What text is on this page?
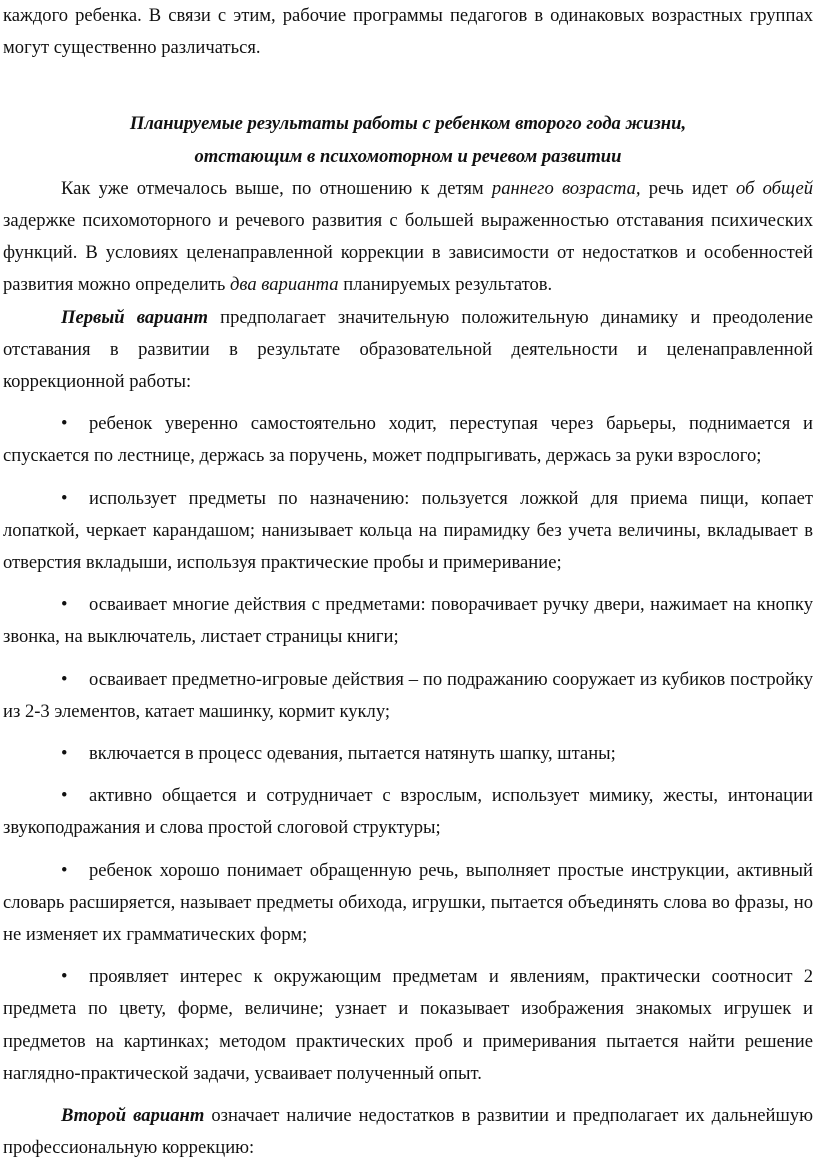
каждого ребенка. В связи с этим, рабочие программы педагогов в одинаковых возрастных группах могут существенно различаться.

Планируемые результаты работы с ребенком второго года жизни,

отстающим в психомоторном и речевом развитии

Как уже отмечалось выше, по отношению к детям раннего возраста, речь идет об общей задержке психомоторного и речевого развития с большей выраженностью отставания психических функций. В условиях целенаправленной коррекции в зависимости от недостатков и особенностей развития можно определить два варианта планируемых результатов.

Первый вариант предполагает значительную положительную динамику и преодоление отставания в развитии в результате образовательной деятельности и целенаправленной коррекционной работы:

• ребенок уверенно самостоятельно ходит, переступая через барьеры, поднимается и спускается по лестнице, держась за поручень, может подпрыгивать, держась за руки взрослого;

• использует предметы по назначению: пользуется ложкой для приема пищи, копает лопаткой, черкает карандашом; нанизывает кольца на пирамидку без учета величины, вкладывает в отверстия вкладыши, используя практические пробы и примеривание;

• осваивает многие действия с предметами: поворачивает ручку двери, нажимает на кнопку звонка, на выключатель, листает страницы книги;

• осваивает предметно-игровые действия – по подражанию сооружает из кубиков постройку из 2-3 элементов, катает машинку, кормит куклу;

• включается в процесс одевания, пытается натянуть шапку, штаны;

• активно общается и сотрудничает с взрослым, использует мимику, жесты, интонации звукоподражания и слова простой слоговой структуры;

• ребенок хорошо понимает обращенную речь, выполняет простые инструкции, активный словарь расширяется, называет предметы обихода, игрушки, пытается объединять слова во фразы, но не изменяет их грамматических форм;

• проявляет интерес к окружающим предметам и явлениям, практически соотносит 2 предмета по цвету, форме, величине; узнает и показывает изображения знакомых игрушек и предметов на картинках; методом практических проб и примеривания пытается найти решение наглядно-практической задачи, усваивает полученный опыт.

Второй вариант означает наличие недостатков в развитии и предполагает их дальнейшую профессиональную коррекцию:
